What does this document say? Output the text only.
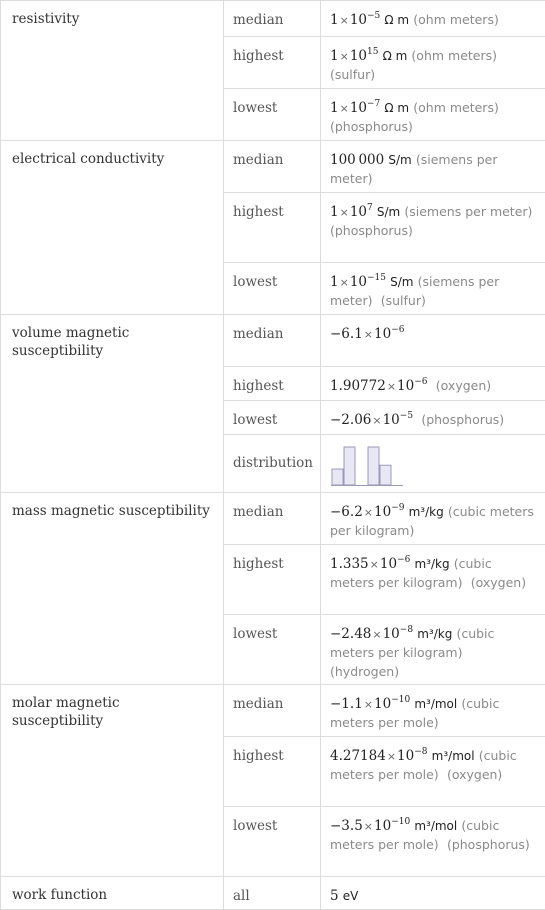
resistivity	median	$1\times 10^{-5}$ Ω m (ohm meters)

	highest	$1\times 10^{15}$ Ω m (ohm meters)  (sulfur)

	lowest	$1\times 10^{-7}$ Ω m (ohm meters)  (phosphorus)

electrical conductivity	median	100 000 S/m (siemens per meter)

	highest	$1\times 10^7$ S/m (siemens per meter)  (phosphorus)

	lowest	$1\times 10^{-15}$ S/m (siemens per meter) (sulfur)

volume magnetic susceptibility	median	$-6.1\times 10^{-6}$

	highest	$1.90772\times 10^{-6}$ (oxygen)

	lowest	$-2.06\times 10^{-5}$ (phosphorus)

	distribution

mass magnetic susceptibility	median	$-6.2\times 10^{-9}$ m³/kg (cubic meters per kilogram)

	highest	$1.335\times 10^{-6}$ m³/kg (cubic meters per kilogram) (oxygen)

	lowest	$-2.48\times 10^{-8}$ m³/kg (cubic meters per kilogram)  (hydrogen)

molar magnetic susceptibility	median	$-1.1\times 10^{-10}$ m³/mol (cubic meters per mole)

	highest	$4.27184\times 10^{-8}$ m³/mol (cubic meters per mole) (oxygen)

	lowest	$-3.5\times 10^{-10}$ m³/mol (cubic meters per mole) (phosphorus)

work function	all	5 eV
